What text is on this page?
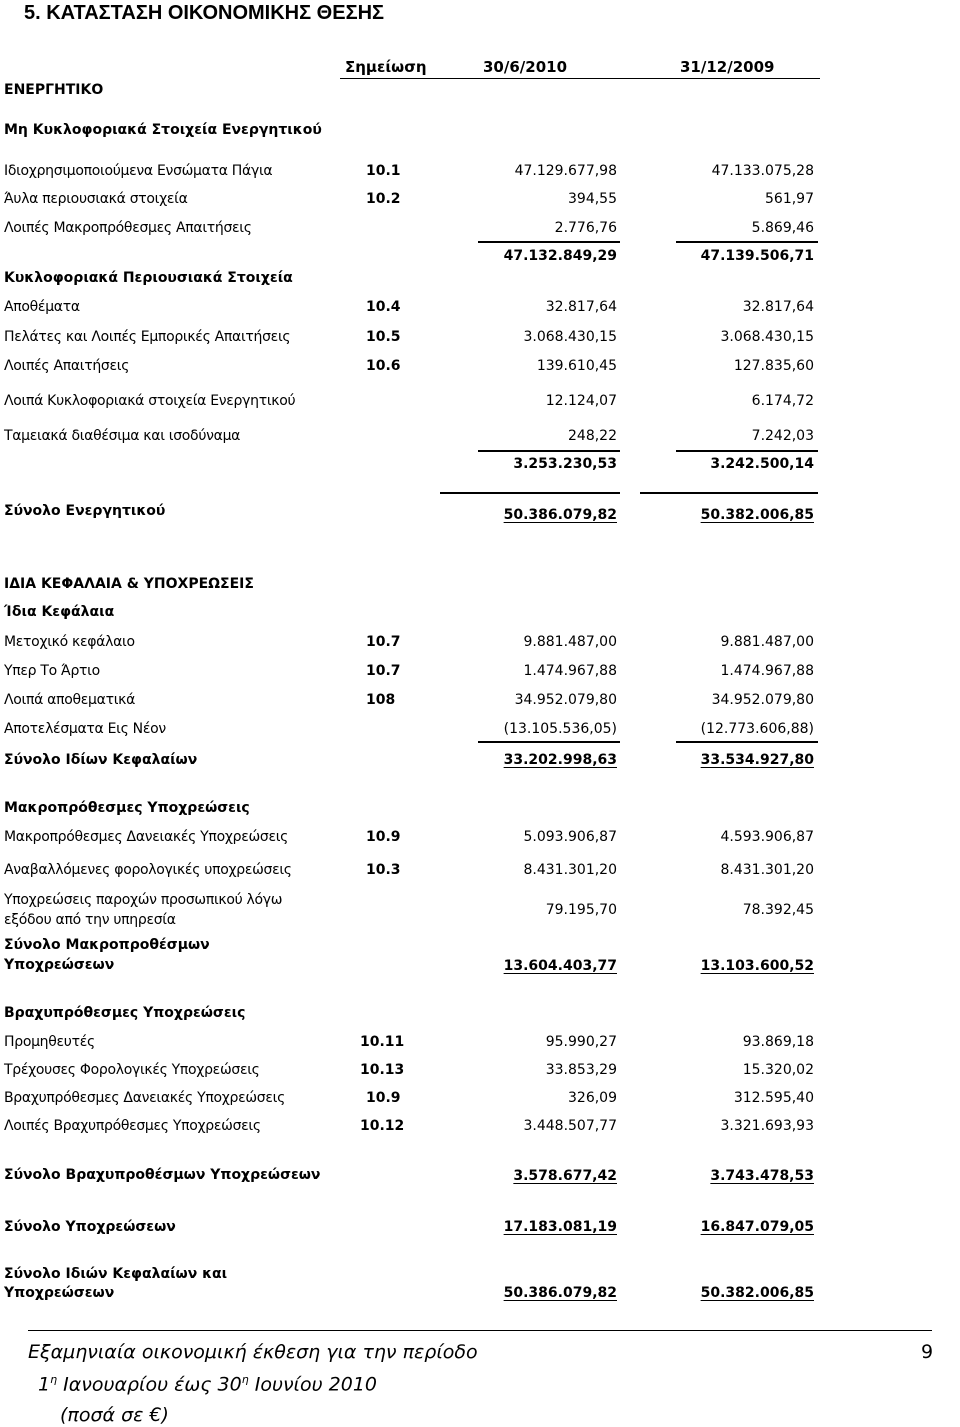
5. ΚΑΤΑΣΤΑΣΗ ΟΙΚΟΝΟΜΙΚΗΣ ΘΕΣΗΣ
Σημείωση	30/6/2010	31/12/2009
ΕΝΕΡΓΗΤΙΚΟ
Μη Κυκλοφοριακά Στοιχεία Ενεργητικού
Ιδιοχρησιμοποιούμενα Ενσώματα Πάγια	10.1	47.129.677,98	47.133.075,28
Άυλα περιουσιακά στοιχεία	10.2	394,55	561,97
Λοιπές Μακροπρόθεσμες Απαιτήσεις	2.776,76	5.869,46
47.132.849,29	47.139.506,71
Κυκλοφοριακά Περιουσιακά Στοιχεία
Αποθέματα	10.4	32.817,64	32.817,64
Πελάτες και Λοιπές Εμπορικές Απαιτήσεις	10.5	3.068.430,15	3.068.430,15
Λοιπές Απαιτήσεις	10.6	139.610,45	127.835,60
Λοιπά Κυκλοφοριακά στοιχεία Ενεργητικού	12.124,07	6.174,72
Ταμειακά διαθέσιμα και ισοδύναμα	248,22	7.242,03
3.253.230,53	3.242.500,14
Σύνολο Ενεργητικού	50.386.079,82	50.382.006,85
ΙΔΙΑ ΚΕΦΑΛΑΙΑ & ΥΠΟΧΡΕΩΣΕΙΣ
Ίδια Κεφάλαια
Μετοχικό κεφάλαιο	10.7	9.881.487,00	9.881.487,00
Υπερ Το Άρτιο	10.7	1.474.967,88	1.474.967,88
Λοιπά αποθεματικά	108	34.952.079,80	34.952.079,80
Αποτελέσματα Εις Νέον	(13.105.536,05)	(12.773.606,88)
Σύνολο Ιδίων Κεφαλαίων	33.202.998,63	33.534.927,80
Μακροπρόθεσμες Υποχρεώσεις
Μακροπρόθεσμες Δανειακές Υποχρεώσεις	10.9	5.093.906,87	4.593.906,87
Αναβαλλόμενες φορολογικές υποχρεώσεις	10.3	8.431.301,20	8.431.301,20
Υποχρεώσεις παροχών προσωπικού λόγω
εξόδου από την υπηρεσία
79.195,70	78.392,45
Σύνολο Μακροπροθέσμων
Υποχρεώσεων	13.604.403,77	13.103.600,52
Βραχυπρόθεσμες Υποχρεώσεις
Προμηθευτές	10.11	95.990,27	93.869,18
Τρέχουσες Φορολογικές Υποχρεώσεις	10.13	33.853,29	15.320,02
Βραχυπρόθεσμες Δανειακές Υποχρεώσεις	10.9	326,09	312.595,40
Λοιπές Βραχυπρόθεσμες Υποχρεώσεις	10.12	3.448.507,77	3.321.693,93
Σύνολο Βραχυπροθέσμων Υποχρεώσεων	3.578.677,42	3.743.478,53
Σύνολο Υποχρεώσεων	17.183.081,19	16.847.079,05
Σύνολο Ιδιών Κεφαλαίων και
Υποχρεώσεων	50.386.079,82	50.382.006,85
Εξαμηνιαία οικονομική έκθεση για την περίοδο	9
$1^\eta$ Ιανουαρίου έως $30^\eta$ Ιουνίου 2010
(ποσά σε €)
